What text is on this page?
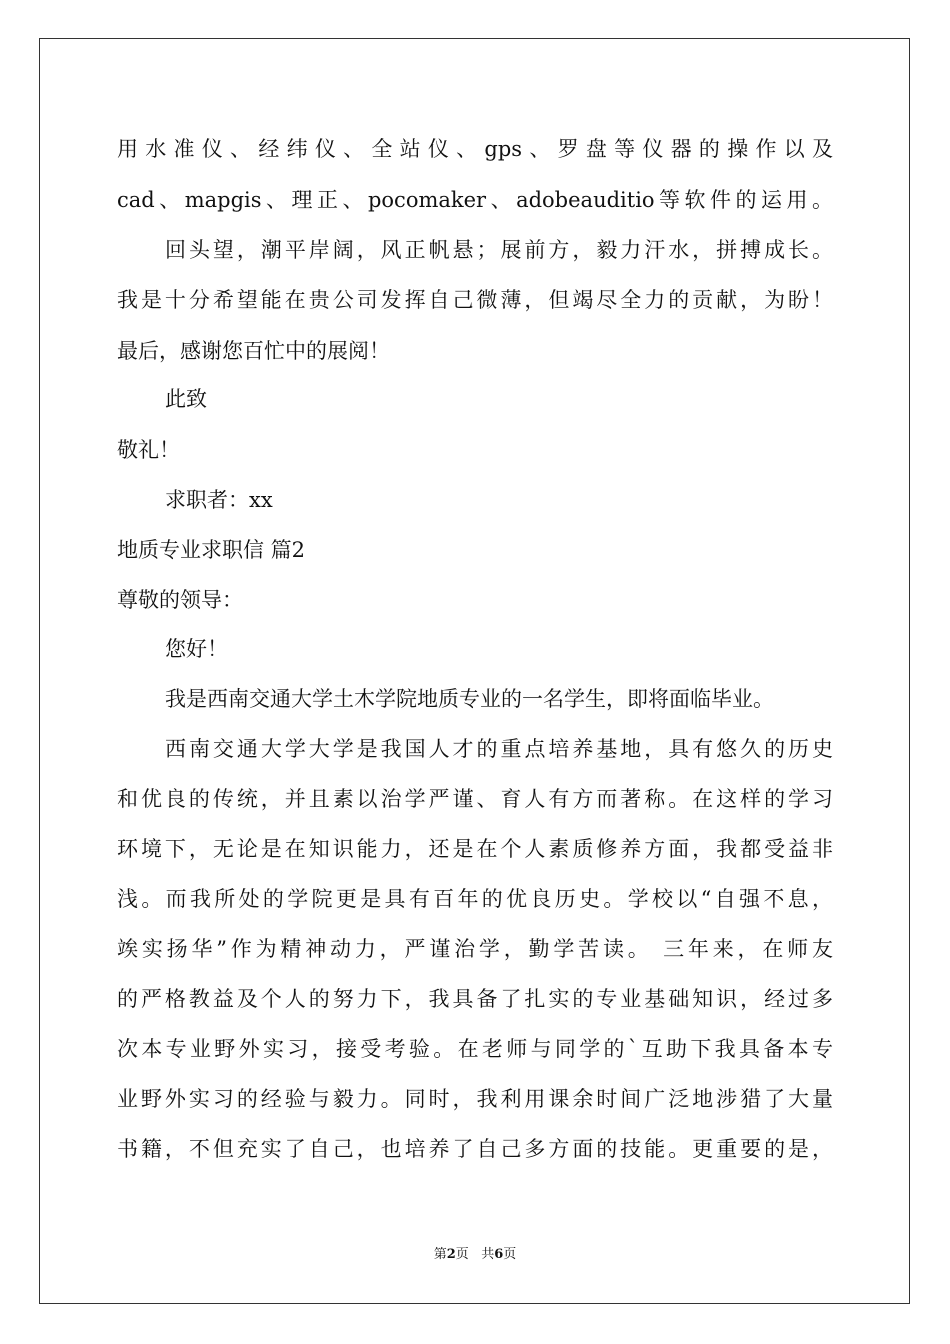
用水准仪、经纬仪、全站仪、gps、罗盘等仪器的操作以及
cad、mapgis、理正、pocomaker、adobeauditio等软件的运用。
回头望，潮平岸阔，风正帆悬；展前方，毅力汗水，拼搏成长。
我是十分希望能在贵公司发挥自己微薄，但竭尽全力的贡献，为盼！
最后，感谢您百忙中的展阅！
此致
敬礼！
求职者：xx
地质专业求职信 篇2
尊敬的领导：
您好！
我是西南交通大学土木学院地质专业的一名学生，即将面临毕业。
西南交通大学大学是我国人才的重点培养基地，具有悠久的历史
和优良的传统，并且素以治学严谨、育人有方而著称。在这样的学习
环境下，无论是在知识能力，还是在个人素质修养方面，我都受益非
浅。而我所处的学院更是具有百年的优良历史。学校以“自强不息，
竢实扬华”作为精神动力，严谨治学，勤学苦读。 三年来，在师友
的严格教益及个人的努力下，我具备了扎实的专业基础知识，经过多
次本专业野外实习，接受考验。在老师与同学的`互助下我具备本专
业野外实习的经验与毅力。同时，我利用课余时间广泛地涉猎了大量
书籍，不但充实了自己，也培养了自己多方面的技能。更重要的是，
第2页 共6页
